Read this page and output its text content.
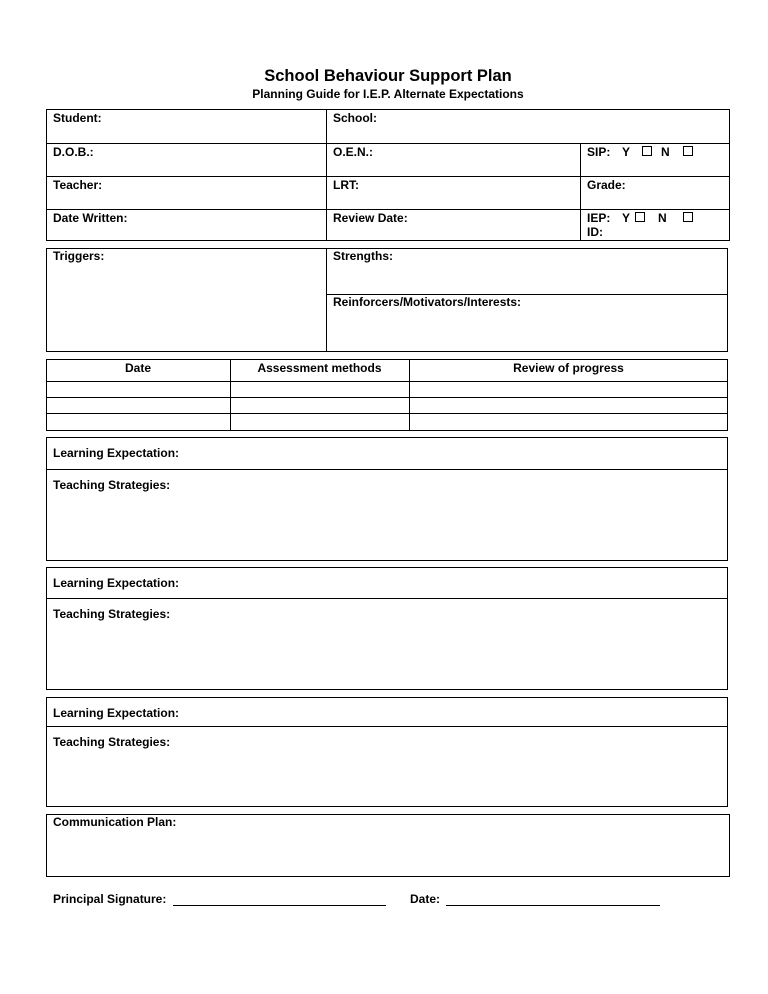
School Behaviour Support Plan
Planning Guide for I.E.P. Alternate Expectations
Student:	School:
D.O.B.:	O.E.N.:	SIP: Y	N
Teacher:	LRT:	Grade:
Date Written:	Review Date:	IEP: Y N
ID:
Triggers:	Strengths:
Reinforcers/Motivators/Interests:
Date	Assessment methods	Review of progress
Learning Expectation:
Teaching Strategies:
Learning Expectation:
Teaching Strategies:
Learning Expectation:
Teaching Strategies:
Communication Plan:
Principal Signature:	Date:
